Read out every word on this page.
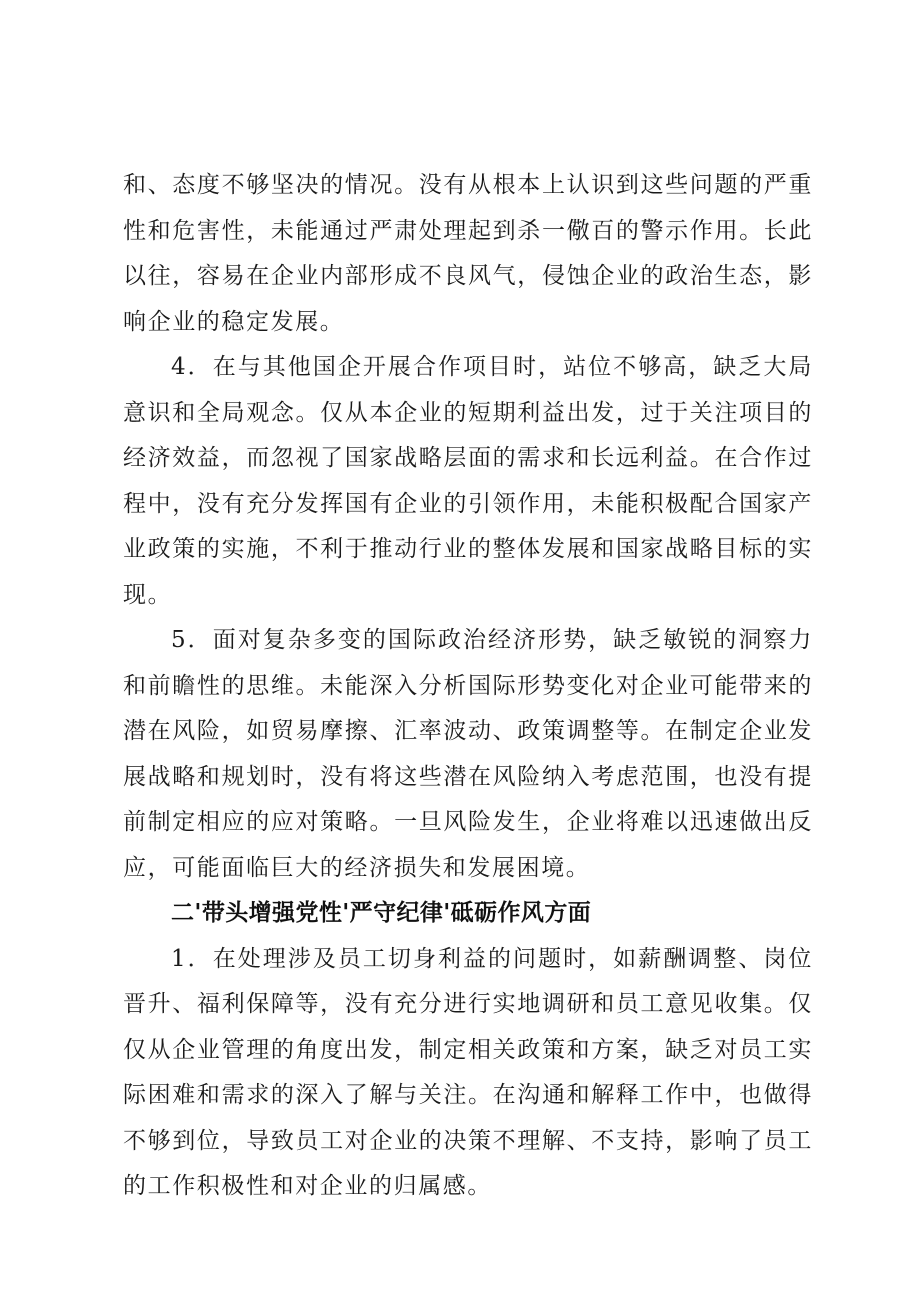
和、态度不够坚决的情况。没有从根本上认识到这些问题的严重性和危害性，未能通过严肃处理起到杀一儆百的警示作用。长此以往，容易在企业内部形成不良风气，侵蚀企业的政治生态，影响企业的稳定发展。

4．在与其他国企开展合作项目时，站位不够高，缺乏大局意识和全局观念。仅从本企业的短期利益出发，过于关注项目的经济效益，而忽视了国家战略层面的需求和长远利益。在合作过程中，没有充分发挥国有企业的引领作用，未能积极配合国家产业政策的实施，不利于推动行业的整体发展和国家战略目标的实现。

5．面对复杂多变的国际政治经济形势，缺乏敏锐的洞察力和前瞻性的思维。未能深入分析国际形势变化对企业可能带来的潜在风险，如贸易摩擦、汇率波动、政策调整等。在制定企业发展战略和规划时，没有将这些潜在风险纳入考虑范围，也没有提前制定相应的应对策略。一旦风险发生，企业将难以迅速做出反应，可能面临巨大的经济损失和发展困境。

二'带头增强党性'严守纪律'砥砺作风方面

1．在处理涉及员工切身利益的问题时，如薪酬调整、岗位晋升、福利保障等，没有充分进行实地调研和员工意见收集。仅仅从企业管理的角度出发，制定相关政策和方案，缺乏对员工实际困难和需求的深入了解与关注。在沟通和解释工作中，也做得不够到位，导致员工对企业的决策不理解、不支持，影响了员工的工作积极性和对企业的归属感。
